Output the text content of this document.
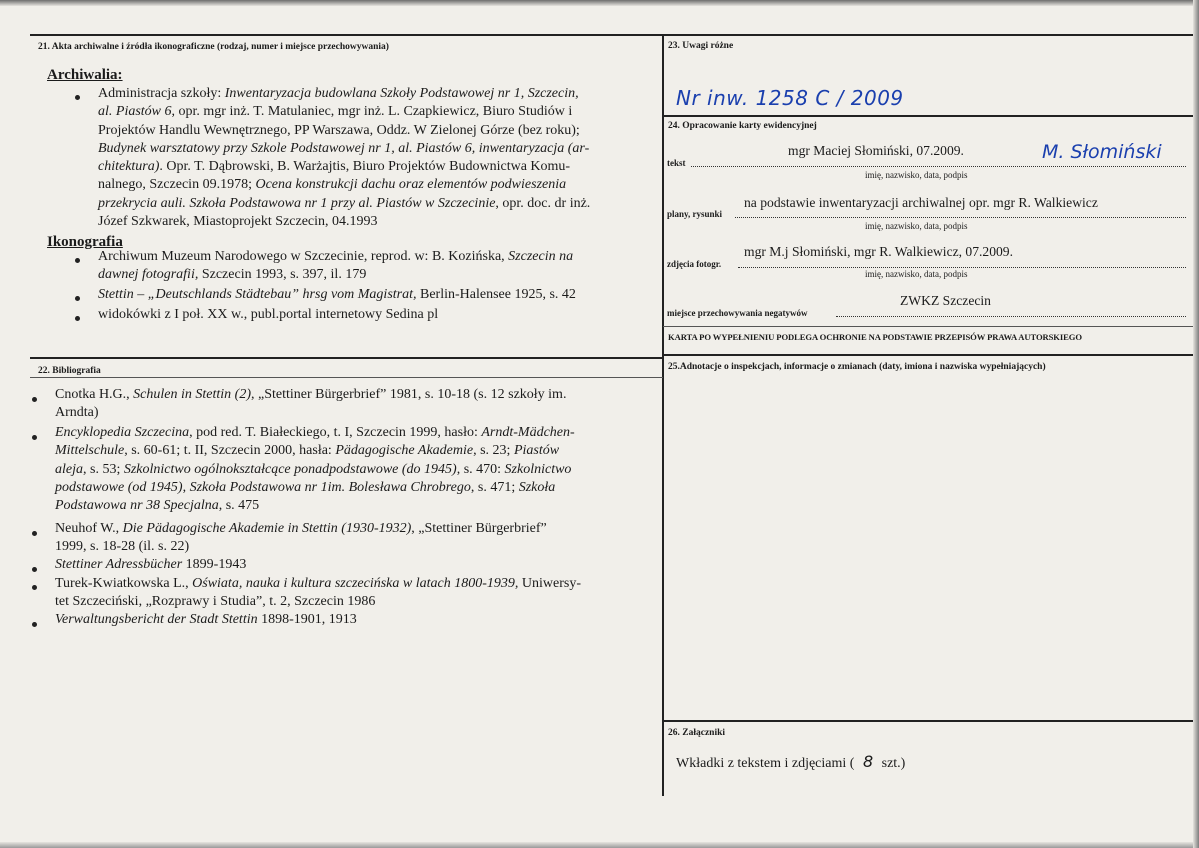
21. Akta archiwalne i źródła ikonograficzne (rodzaj, numer i miejsce przechowywania)
Archiwalia:
Administracja szkoły: Inwentaryzacja budowlana Szkoły Podstawowej nr 1, Szczecin,
al. Piastów 6, opr. mgr inż. T. Matulaniec, mgr inż. L. Czapkiewicz, Biuro Studiów i
Projektów Handlu Wewnętrznego, PP Warszawa, Oddz. W Zielonej Górze (bez roku);
Budynek warsztatowy przy Szkole Podstawowej nr 1, al. Piastów 6, inwentaryzacja (ar-
chitektura). Opr. T. Dąbrowski, B. Warżajtis, Biuro Projektów Budownictwa Komu-
nalnego, Szczecin 09.1978; Ocena konstrukcji dachu oraz elementów podwieszenia
przekrycia auli. Szkoła Podstawowa nr 1 przy al. Piastów w Szczecinie, opr. doc. dr inż.
Józef Szkwarek, Miastoprojekt Szczecin, 04.1993
Ikonografia
Archiwum Muzeum Narodowego w Szczecinie, reprod. w: B. Kozińska, Szczecin na
dawnej fotografii, Szczecin 1993, s. 397, il. 179
Stettin – „Deutschlands Städtebau” hrsg vom Magistrat, Berlin-Halensee 1925, s. 42
widokówki z I poł. XX w., publ.portal internetowy Sedina pl
22. Bibliografia
Cnotka H.G., Schulen in Stettin (2), „Stettiner Bürgerbrief” 1981, s. 10-18 (s. 12 szkoły im.
Arndta)
Encyklopedia Szczecina, pod red. T. Białeckiego, t. I, Szczecin 1999, hasło: Arndt-Mädchen-
Mittelschule, s. 60-61; t. II, Szczecin 2000, hasła: Pädagogische Akademie, s. 23; Piastów
aleja, s. 53; Szkolnictwo ogólnokształcące ponadpodstawowe (do 1945), s. 470: Szkolnictwo
podstawowe (od 1945), Szkoła Podstawowa nr 1im. Bolesława Chrobrego, s. 471; Szkoła
Podstawowa nr 38 Specjalna, s. 475
Neuhof W., Die Pädagogische Akademie in Stettin (1930-1932), „Stettiner Bürgerbrief”
1999, s. 18-28 (il. s. 22)
Stettiner Adressbücher 1899-1943
Turek-Kwiatkowska L., Oświata, nauka i kultura szczecińska w latach 1800-1939, Uniwersy-
tet Szczeciński, „Rozprawy i Studia”, t. 2, Szczecin 1986
Verwaltungsbericht der Stadt Stettin 1898-1901, 1913
23. Uwagi różne
Nr inw. 1258 C / 2009
24. Opracowanie karty ewidencyjnej
tekst
mgr Maciej Słomiński, 07.2009.	M. Słomiński
imię, nazwisko, data, podpis
plany, rysunki
na podstawie inwentaryzacji archiwalnej opr. mgr R. Walkiewicz
imię, nazwisko, data, podpis
zdjęcia fotogr.
mgr M.j Słomiński, mgr R. Walkiewicz, 07.2009.
imię, nazwisko, data, podpis
miejsce przechowywania negatywów
ZWKZ Szczecin
KARTA PO WYPEŁNIENIU PODLEGA OCHRONIE NA PODSTAWIE PRZEPISÓW PRAWA AUTORSKIEGO
25.Adnotacje o inspekcjach, informacje o zmianach (daty, imiona i nazwiska wypełniających)
26. Załączniki
Wkładki z tekstem i zdjęciami ( 8 szt.)
